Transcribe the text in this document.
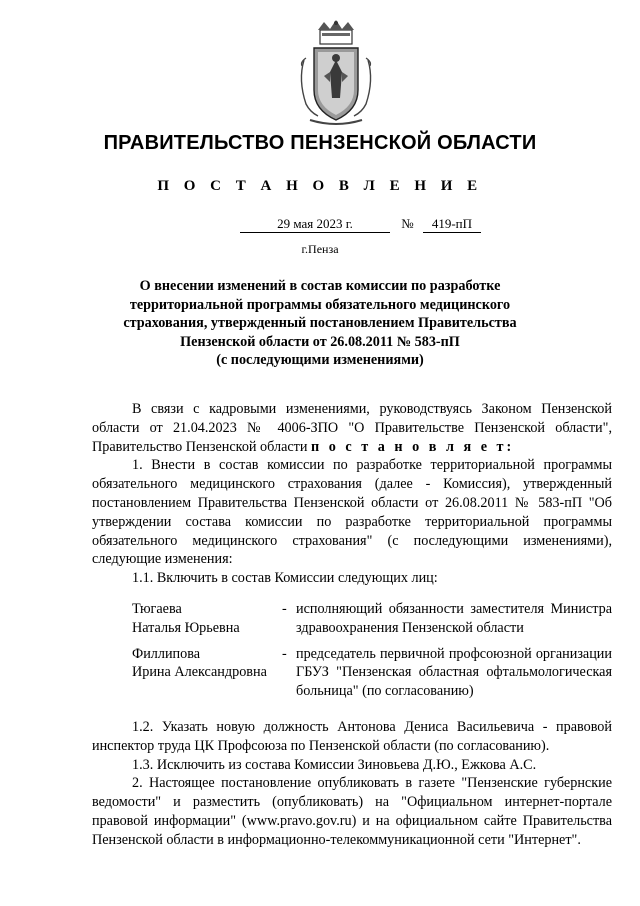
ПРАВИТЕЛЬСТВО ПЕНЗЕНСКОЙ ОБЛАСТИ
П О С Т А Н О В Л Е Н И Е
29 мая 2023 г.	№ 419-пП
г.Пенза
О внесении изменений в состав комиссии по разработке
территориальной программы обязательного медицинского
страхования, утвержденный постановлением Правительства
Пензенской области от 26.08.2011 № 583-пП
(с последующими изменениями)

В связи с кадровыми изменениями, руководствуясь Законом Пензенской области от 21.04.2023 № 4006-ЗПО "О Правительстве Пензенской области", Правительство Пензенской области п о с т а н о в л я е т:

1. Внести в состав комиссии по разработке территориальной программы обязательного медицинского страхования (далее - Комиссия), утвержденный постановлением Правительства Пензенской области от 26.08.2011 № 583-пП "Об утверждении состава комиссии по разработке территориальной программы обязательного медицинского страхования" (с последующими изменениями), следующие изменения:

1.1. Включить в состав Комиссии следующих лиц:

Тюгаева
Наталья Юрьевна	-	исполняющий обязанности заместителя Министра здравоохранения Пензенской области

Филлипова
Ирина Александровна	-	председатель первичной профсоюзной организации ГБУЗ "Пензенская областная офтальмологическая больница" (по согласованию)

1.2. Указать новую должность Антонова Дениса Васильевича - правовой инспектор труда ЦК Профсоюза по Пензенской области (по согласованию).

1.3. Исключить из состава Комиссии Зиновьева Д.Ю., Ежкова А.С.

2. Настоящее постановление опубликовать в газете "Пензенские губернские ведомости" и разместить (опубликовать) на "Официальном интернет-портале правовой информации" (www.pravo.gov.ru) и на официальном сайте Правительства Пензенской области в информационно-телекоммуникационной сети "Интернет".
